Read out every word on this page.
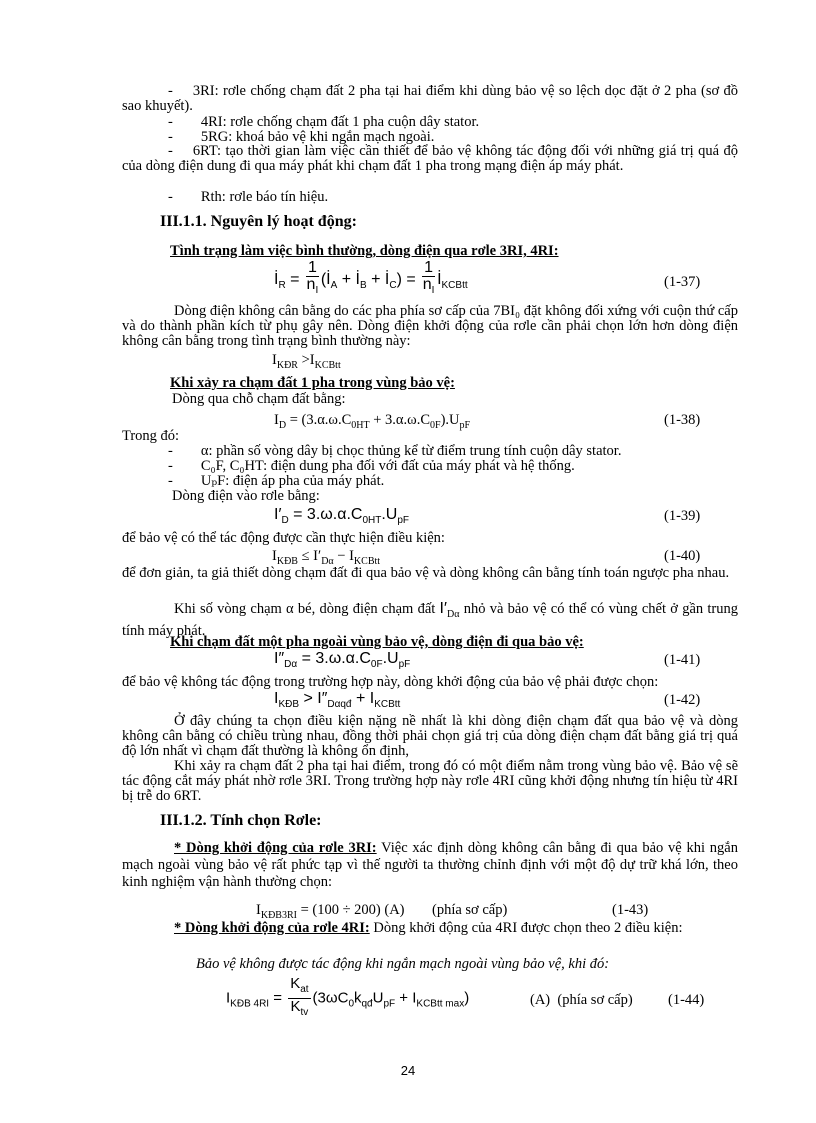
- 3RI: rơle chống chạm đất 2 pha tại hai điểm khi dùng bảo vệ so lệch dọc đặt ở 2 pha (sơ đồ sao khuyết).
- 4RI: rơle chống chạm đất 1 pha cuộn dây stator.
- 5RG: khoá bảo vệ khi ngắn mạch ngoài.
- 6RT: tạo thời gian làm việc cần thiết để bảo vệ không tác động đối với những giá trị quá độ của dòng điện dung đi qua máy phát khi chạm đất 1 pha trong mạng điện áp máy phát.
- Rth: rơle báo tín hiệu.
III.1.1. Nguyên lý hoạt động:
Tình trạng làm việc bình thường, dòng điện qua rơle 3RI, 4RI:
$İ_R = \frac{1}{n_I}$ ($İ_A$ + $İ_B$ + $İ_C) = \frac{1}{n_I}$ $İ_{KCBtt}$	(1-37)
Dòng điện không cân bằng do các pha phía sơ cấp của 7BI₀ đặt không đối xứng với cuộn thứ cấp và do thành phần kích từ phụ gây nên. Dòng điện khởi động của rơle cần phải chọn lớn hơn dòng điện không cân bằng trong tình trạng bình thường này:
$I_{KĐR} >I_{KCBtt}$
Khi xảy ra chạm đất 1 pha trong vùng bảo vệ:
Dòng qua chỗ chạm đất bằng:
$I_D = (3.\alpha.\omega.C_{0HT} + 3.\alpha.\omega.C_{0F}).U_{pF}$	(1-38)
Trong đó:
- α: phần số vòng dây bị chọc thủng kể từ điểm trung tính cuộn dây stator.
- C₀F, C₀HT: điện dung pha đối với đất của máy phát và hệ thống.
- UₚF: điện áp pha của máy phát.
Dòng điện vào rơle bằng:
$I'_D = 3.\omega.\alpha.C_{0HT}.U_{pF}$	(1-39)
để bảo vệ có thể tác động được cần thực hiện điều kiện:
$I_{KĐB} \le I'_{D\alpha} - I_{KCBtt}$	(1-40)
để đơn giản, ta giả thiết dòng chạm đất đi qua bảo vệ và dòng không cân bằng tính toán ngược pha nhau.
Khi số vòng chạm α bé, dòng điện chạm đất $I'_{D\alpha}$ nhỏ và bảo vệ có thể có vùng chết ở gần trung tính máy phát.
Khi chạm đất một pha ngoài vùng bảo vệ, dòng điện đi qua bảo vệ:
$I''_{D\alpha} = 3.\omega.\alpha.C_{0F}.U_{pF}$	(1-41)
để bảo vệ không tác động trong trường hợp này, dòng khởi động của bảo vệ phải được chọn:
$I_{KĐB} > I''_{D\alpha qđ} + I_{KCBtt}$	(1-42)
Ở đây chúng ta chọn điều kiện nặng nề nhất là khi dòng điện chạm đất qua bảo vệ và dòng không cân bằng có chiều trùng nhau, đồng thời phải chọn giá trị của dòng điện chạm đất bằng giá trị quá độ lớn nhất vì chạm đất thường là không ổn định,
Khi xảy ra chạm đất 2 pha tại hai điểm, trong đó có một điểm nằm trong vùng bảo vệ. Bảo vệ sẽ tác động cắt máy phát nhờ rơle 3RI. Trong trường hợp này rơle 4RI cũng khởi động nhưng tín hiệu từ 4RI bị trễ do 6RT.
III.1.2. Tính chọn Rơle:
* Dòng khởi động của rơle 3RI: Việc xác định dòng không cân bằng đi qua bảo vệ khi ngắn mạch ngoài vùng bảo vệ rất phức tạp vì thế người ta thường chỉnh định với một độ dự trữ khá lớn, theo kinh nghiệm vận hành thường chọn:
$I_{KĐB3RI} = (100 \div 200)$ (A) (phía sơ cấp)	(1-43)
* Dòng khởi động của rơle 4RI: Dòng khởi động của 4RI được chọn theo 2 điều kiện:
Bảo vệ không được tác động khi ngắn mạch ngoài vùng bảo vệ, khi đó:
$I_{KĐB 4RI} = \frac{K_{at}}{K_{tv}} (3\omega C_0k_{qđ}U_{pF} + I_{KCBtt max})$	(A) (phía sơ cấp) (1-44)
24
